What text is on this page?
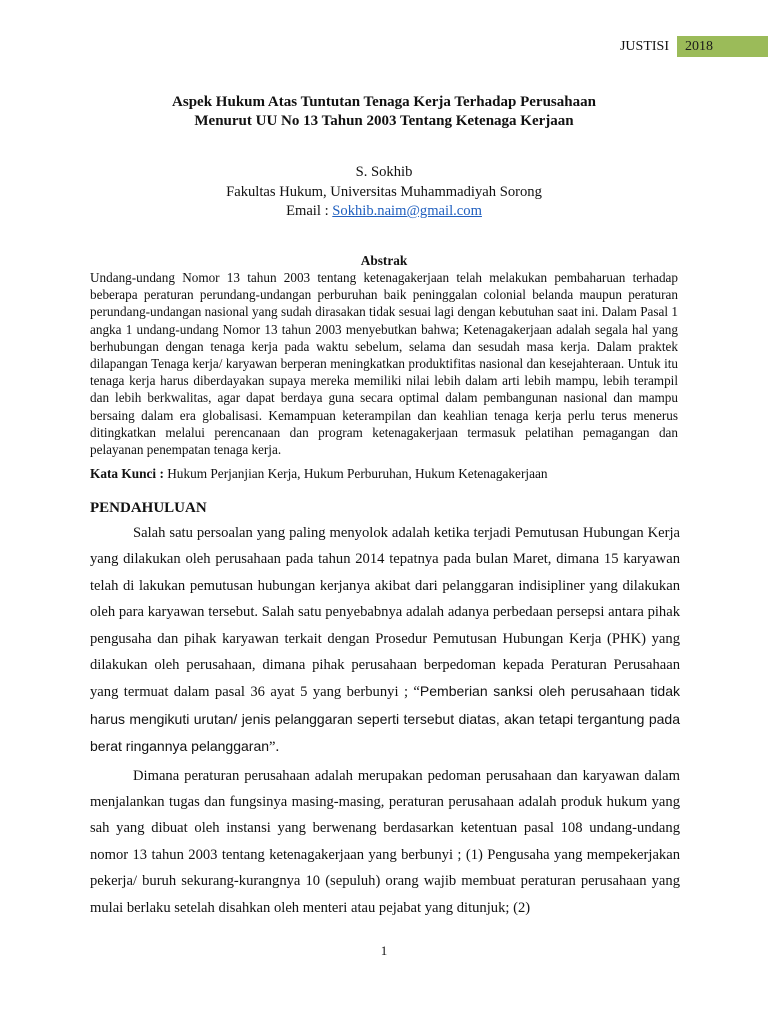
JUSTISI	2018
Aspek Hukum Atas Tuntutan Tenaga Kerja Terhadap Perusahaan
Menurut UU No 13 Tahun 2003 Tentang Ketenaga Kerjaan
S. Sokhib
Fakultas Hukum, Universitas Muhammadiyah Sorong
Email : Sokhib.naim@gmail.com
Abstrak
Undang-undang Nomor 13 tahun 2003 tentang ketenagakerjaan telah melakukan pembaharuan terhadap beberapa peraturan perundang-undangan perburuhan baik peninggalan colonial belanda maupun peraturan perundang-undangan nasional yang sudah dirasakan tidak sesuai lagi dengan kebutuhan saat ini. Dalam Pasal 1 angka 1 undang-undang Nomor 13 tahun 2003 menyebutkan bahwa; Ketenagakerjaan adalah segala hal yang berhubungan dengan tenaga kerja pada waktu sebelum, selama dan sesudah masa kerja. Dalam praktek dilapangan Tenaga kerja/ karyawan berperan meningkatkan produktifitas nasional dan kesejahteraan. Untuk itu tenaga kerja harus diberdayakan supaya mereka memiliki nilai lebih dalam arti lebih mampu, lebih terampil dan lebih berkwalitas, agar dapat berdaya guna secara optimal dalam pembangunan nasional dan mampu bersaing dalam era globalisasi. Kemampuan keterampilan dan keahlian tenaga kerja perlu terus menerus ditingkatkan melalui perencanaan dan program ketenagakerjaan termasuk pelatihan pemagangan dan pelayanan penempatan tenaga kerja.
Kata Kunci : Hukum Perjanjian Kerja, Hukum Perburuhan, Hukum Ketenagakerjaan
PENDAHULUAN

Salah satu persoalan yang paling menyolok adalah ketika terjadi Pemutusan Hubungan Kerja yang dilakukan oleh perusahaan pada tahun 2014 tepatnya pada bulan Maret, dimana 15 karyawan telah di lakukan pemutusan hubungan kerjanya akibat dari pelanggaran indisipliner yang dilakukan oleh para karyawan tersebut. Salah satu penyebabnya adalah adanya perbedaan persepsi antara pihak pengusaha dan pihak karyawan terkait dengan Prosedur Pemutusan Hubungan Kerja (PHK) yang dilakukan oleh perusahaan, dimana pihak perusahaan berpedoman kepada Peraturan Perusahaan yang termuat dalam pasal 36 ayat 5 yang berbunyi ; “Pemberian sanksi oleh perusahaan tidak harus mengikuti urutan/ jenis pelanggaran seperti tersebut diatas, akan tetapi tergantung pada berat ringannya pelanggaran”.

Dimana peraturan perusahaan adalah merupakan pedoman perusahaan dan karyawan dalam menjalankan tugas dan fungsinya masing-masing, peraturan perusahaan adalah produk hukum yang sah yang dibuat oleh instansi yang berwenang berdasarkan ketentuan pasal 108 undang-undang nomor 13 tahun 2003 tentang ketenagakerjaan yang berbunyi ; (1) Pengusaha yang mempekerjakan pekerja/ buruh sekurang-kurangnya 10 (sepuluh) orang wajib membuat peraturan perusahaan yang mulai berlaku setelah disahkan oleh menteri atau pejabat yang ditunjuk; (2)

1
